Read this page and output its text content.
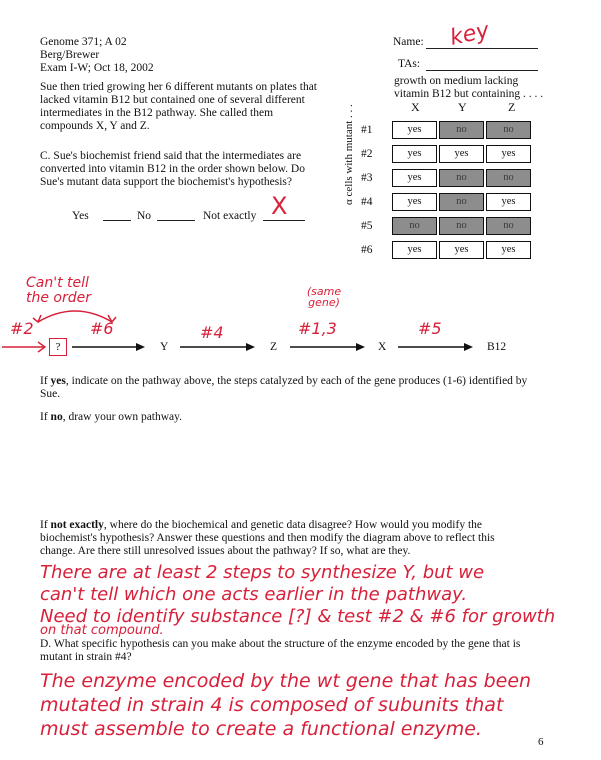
Genome 371; A 02
Berg/Brewer
Exam I-W; Oct 18, 2002
Name: key
TAs:
Sue then tried growing her 6 different mutants on plates that
lacked vitamin B12 but contained one of several different
intermediates in the B12 pathway. She called them
compounds X, Y and Z.
growth on medium lacking
vitamin B12 but containing . . . .
X	Y	Z
α cells with mutant . . . #1	yes	no	no
#2	yes	yes	yes
#3	yes	no	no
#4	yes	no	yes
#5	no	no	no
#6	yes	yes	yes
C. Sue's biochemist friend said that the intermediates are
converted into vitamin B12 in the order shown below. Do
Sue's mutant data support the biochemist's hypothesis?
Yes	No	Not exactly X
Can't tell the order	(same gene)
#2
?
#6
Y
#4
Z
#1,3
X
#5
B12
If yes, indicate on the pathway above, the steps catalyzed by each of the gene produces (1-6) identified by
Sue.
If no, draw your own pathway.
If not exactly, where do the biochemical and genetic data disagree? How would you modify the
biochemist's hypothesis? Answer these questions and then modify the diagram above to reflect this
change. Are there still unresolved issues about the pathway? If so, what are they.
There are at least 2 steps to synthesize Y, but we
can't tell which one acts earlier in the pathway.
Need to identify substance [?] & test #2 & #6 for growth
on that compound.
D. What specific hypothesis can you make about the structure of the enzyme encoded by the gene that is
mutant in strain #4?
The enzyme encoded by the wt gene that has been
mutated in strain 4 is composed of subunits that
must assemble to create a functional enzyme.
6
